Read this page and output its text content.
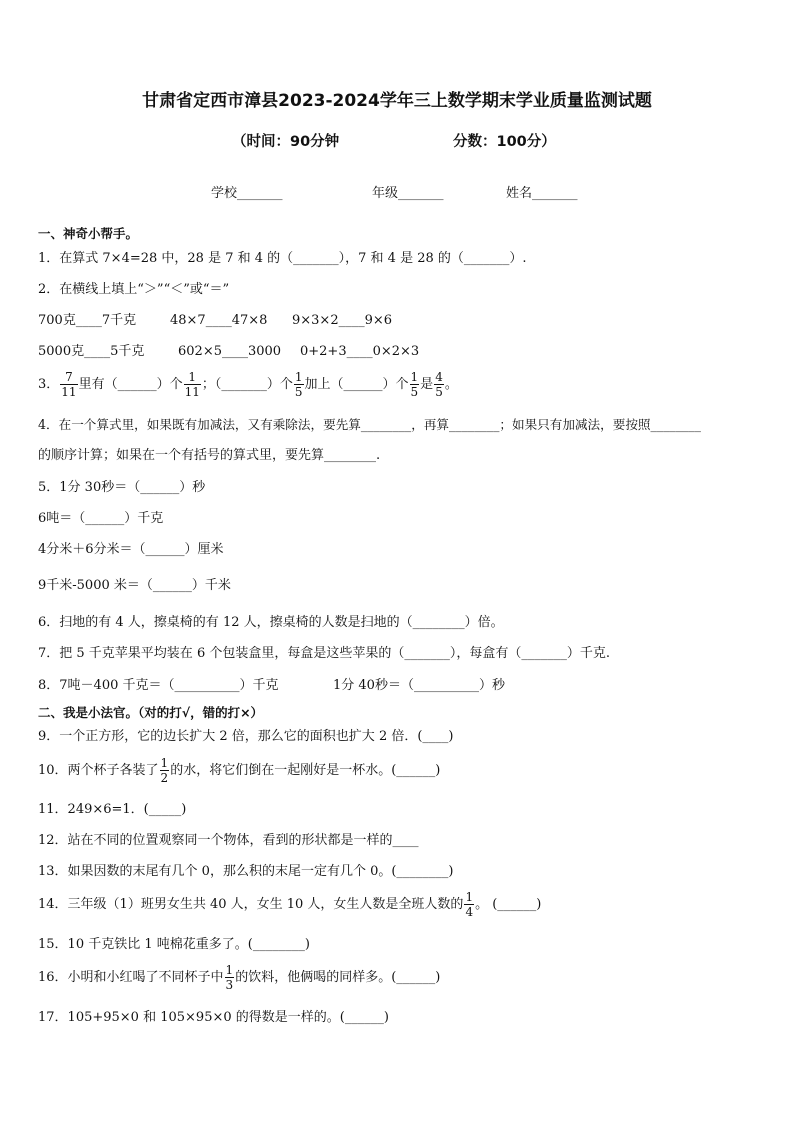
甘肃省定西市漳县2023-2024学年三上数学期末学业质量监测试题
（时间：90分钟	分数：100分）
学校_______	年级_______	姓名_______
一、神奇小帮手。
1．在算式 7×4=28 中，28 是 7 和 4 的（_______），7 和 4 是 28 的（_______）.
2．在横线上填上“＞”“＜”或“＝”
700克____7千克	48×7____47×8 9×3×2____9×6
5000克____5千克	602×5____3000 0+2+3____0×2×3
3． $\frac{7}{11}$ 里有（______）个 $\frac{1}{11}$ ；（_______）个 $\frac{1}{5}$ 加上（______）个 $\frac{1}{5}$ 是 $\frac{4}{5}$ 。
4．在一个算式里，如果既有加减法，又有乘除法，要先算________，再算________；如果只有加减法，要按照________
的顺序计算；如果在一个有括号的算式里，要先算________.
5．1分 30秒＝（______）秒
6吨＝（______）千克
4分米＋6分米＝（______）厘米
9千米-5000 米＝（______）千米
6．扫地的有 4 人，擦桌椅的有 12 人，擦桌椅的人数是扫地的（________）倍。
7．把 5 千克苹果平均装在 6 个包装盒里，每盒是这些苹果的（_______），每盒有（_______）千克.
8．7吨－400 千克＝（__________）千克	1分 40秒＝（__________）秒
二、我是小法官。（对的打√，错的打×）
9．一个正方形，它的边长扩大 2 倍，那么它的面积也扩大 2 倍．(____)
10．两个杯子各装了 $\frac{1}{2}$ 的水，将它们倒在一起刚好是一杯水。(______)
11．249×6=1．(_____)
12．站在不同的位置观察同一个物体，看到的形状都是一样的____
13．如果因数的末尾有几个 0，那么积的末尾一定有几个 0。(________)
14．三年级（1）班男女生共 40 人，女生 10 人，女生人数是全班人数的 $\frac{1}{4}$ 。 (______)
15．10 千克铁比 1 吨棉花重多了。(________)
16．小明和小红喝了不同杯子中 $\frac{1}{3}$ 的饮料，他俩喝的同样多。(______)
17．105+95×0 和 105×95×0 的得数是一样的。(______)
